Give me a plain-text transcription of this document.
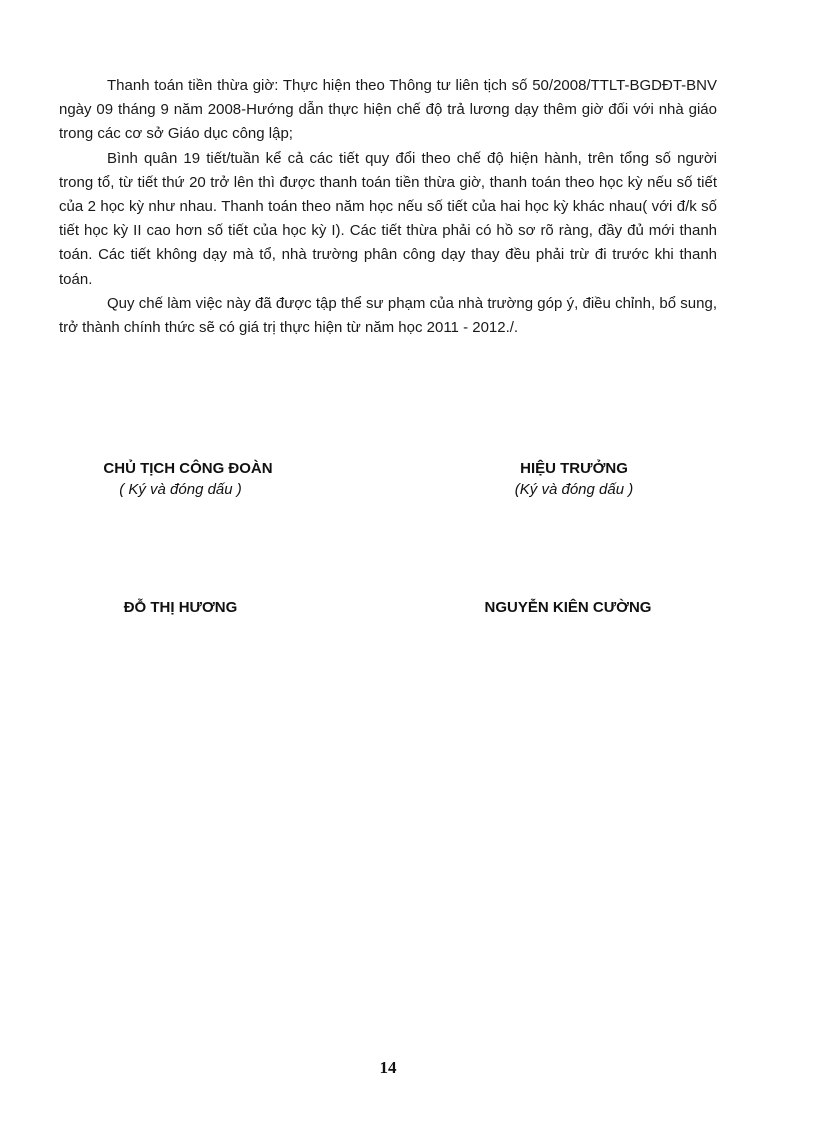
Thanh toán tiền thừa giờ: Thực hiện theo Thông tư liên tịch số 50/2008/TTLT-BGDĐT-BNV ngày 09 tháng 9 năm 2008-Hướng dẫn thực hiện chế độ trả lương dạy thêm giờ đối với nhà giáo trong các cơ sở Giáo dục công lập;

Bình quân 19 tiết/tuần kể cả các tiết quy đổi theo chế độ hiện hành, trên tổng số người trong tổ, từ tiết thứ 20 trở lên thì được thanh toán tiền thừa giờ, thanh toán theo học kỳ nếu số tiết của 2 học kỳ như nhau. Thanh toán theo năm học nếu số tiết của hai học kỳ khác nhau( với đ/k số tiết học kỳ II cao hơn số tiết của học kỳ I). Các tiết thừa phải có hồ sơ rõ ràng, đầy đủ mới thanh toán. Các tiết không dạy mà tổ, nhà trường phân công dạy thay đều phải trừ đi trước khi thanh toán.

Quy chế làm việc này đã được tập thể sư phạm của nhà trường góp ý, điều chỉnh, bổ sung, trở thành chính thức sẽ có giá trị thực hiện từ năm học 2011 - 2012./.

CHỦ TỊCH CÔNG ĐOÀN
( Ký và đóng dấu )
ĐỖ THỊ HƯƠNG
HIỆU TRƯỞNG
(Ký và đóng dấu )
NGUYỄN KIÊN CƯỜNG
14
